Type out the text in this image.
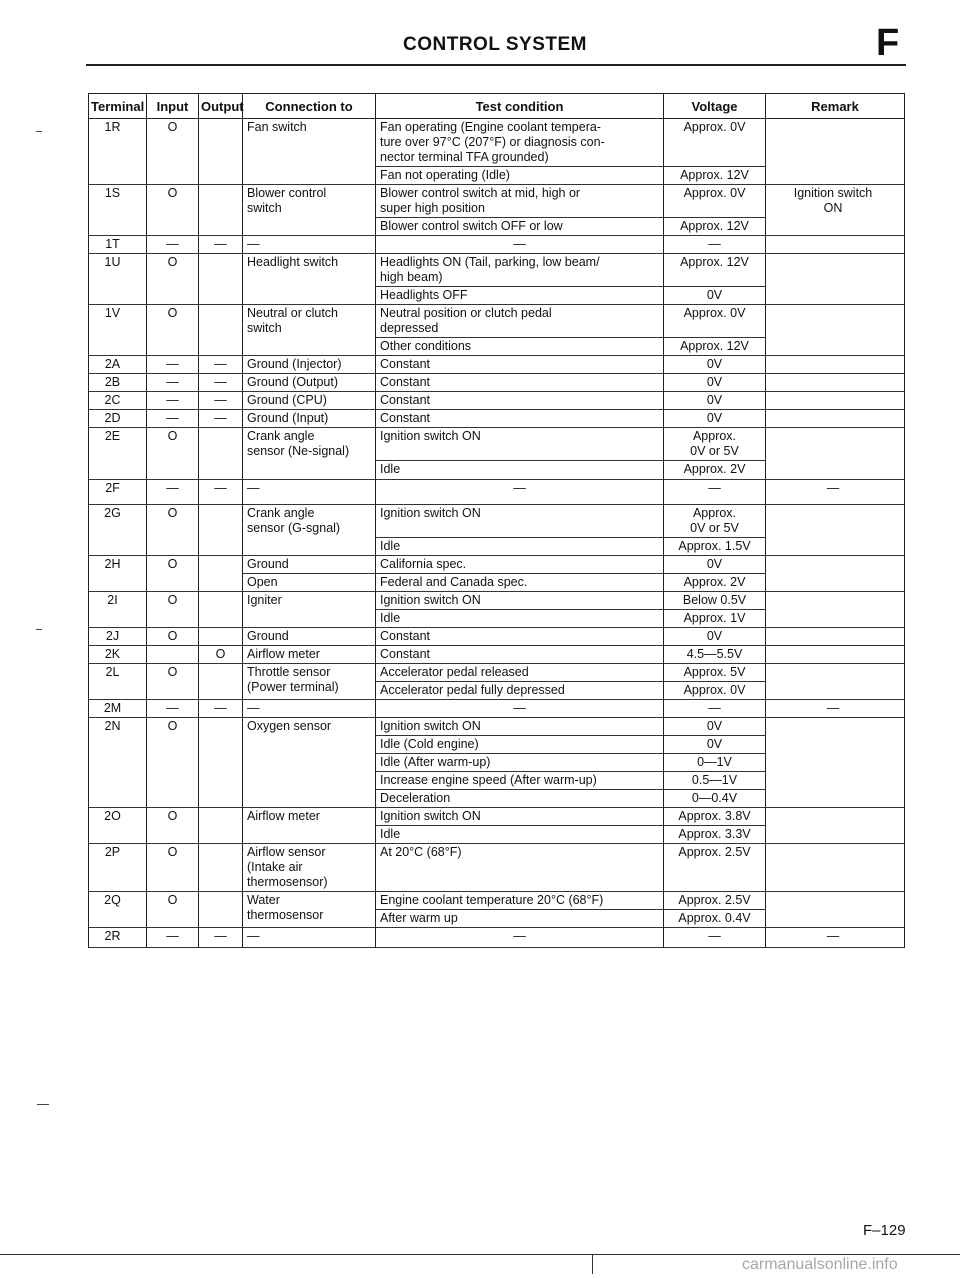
CONTROL SYSTEM	F
Terminal	Input	Output	Connection to	Test condition	Voltage	Remark
1R	O		Fan switch	Fan operating (Engine coolant tempera-
ture over 97°C (207°F) or diagnosis con-
nector terminal TFA grounded)	Approx. 0V	
				Fan not operating (Idle)	Approx. 12V	
1S	O		Blower control
switch	Blower control switch at mid, high or
super high position	Approx. 0V	Ignition switch
ON
				Blower control switch OFF or low	Approx. 12V	
1T	—	—	—	—	—	
1U	O		Headlight switch	Headlights ON (Tail, parking, low beam/
high beam)	Approx. 12V	
				Headlights OFF	0V	
1V	O		Neutral or clutch
switch	Neutral position or clutch pedal
depressed	Approx. 0V	
				Other conditions	Approx. 12V	
2A	—	—	Ground (Injector)	Constant	0V	
2B	—	—	Ground (Output)	Constant	0V	
2C	—	—	Ground (CPU)	Constant	0V	
2D	—	—	Ground (Input)	Constant	0V	
2E	O		Crank angle
sensor (Ne-signal)	Ignition switch ON	Approx.
0V or 5V	
				Idle	Approx. 2V	
2F	—	—	—	—	—	—
2G	O		Crank angle
sensor (G-sgnal)	Ignition switch ON	Approx.
0V or 5V	
				Idle	Approx. 1.5V	
2H	O		Ground	California spec.	0V	
			Open	Federal and Canada spec.	Approx. 2V	
2I	O		Igniter	Ignition switch ON	Below 0.5V	
				Idle	Approx. 1V	
2J	O		Ground	Constant	0V	
2K		O	Airflow meter	Constant	4.5—5.5V	
2L	O		Throttle sensor
(Power terminal)	Accelerator pedal released	Approx. 5V	
				Accelerator pedal fully depressed	Approx. 0V	
2M	—	—	—	—	—	—
2N	O		Oxygen sensor	Ignition switch ON	0V	
				Idle (Cold engine)	0V	
				Idle (After warm-up)	0—1V	
				Increase engine speed (After warm-up)	0.5—1V	
				Deceleration	0—0.4V	
2O	O		Airflow meter	Ignition switch ON	Approx. 3.8V	
				Idle	Approx. 3.3V	
2P	O		Airflow sensor
(Intake air
thermosensor)	At 20°C (68°F)	Approx. 2.5V	
2Q	O		Water
thermosensor	Engine coolant temperature 20°C (68°F)	Approx. 2.5V	
				After warm up	Approx. 0.4V	
2R	—	—	—	—	—	—
F–129
carmanualsonline.info
